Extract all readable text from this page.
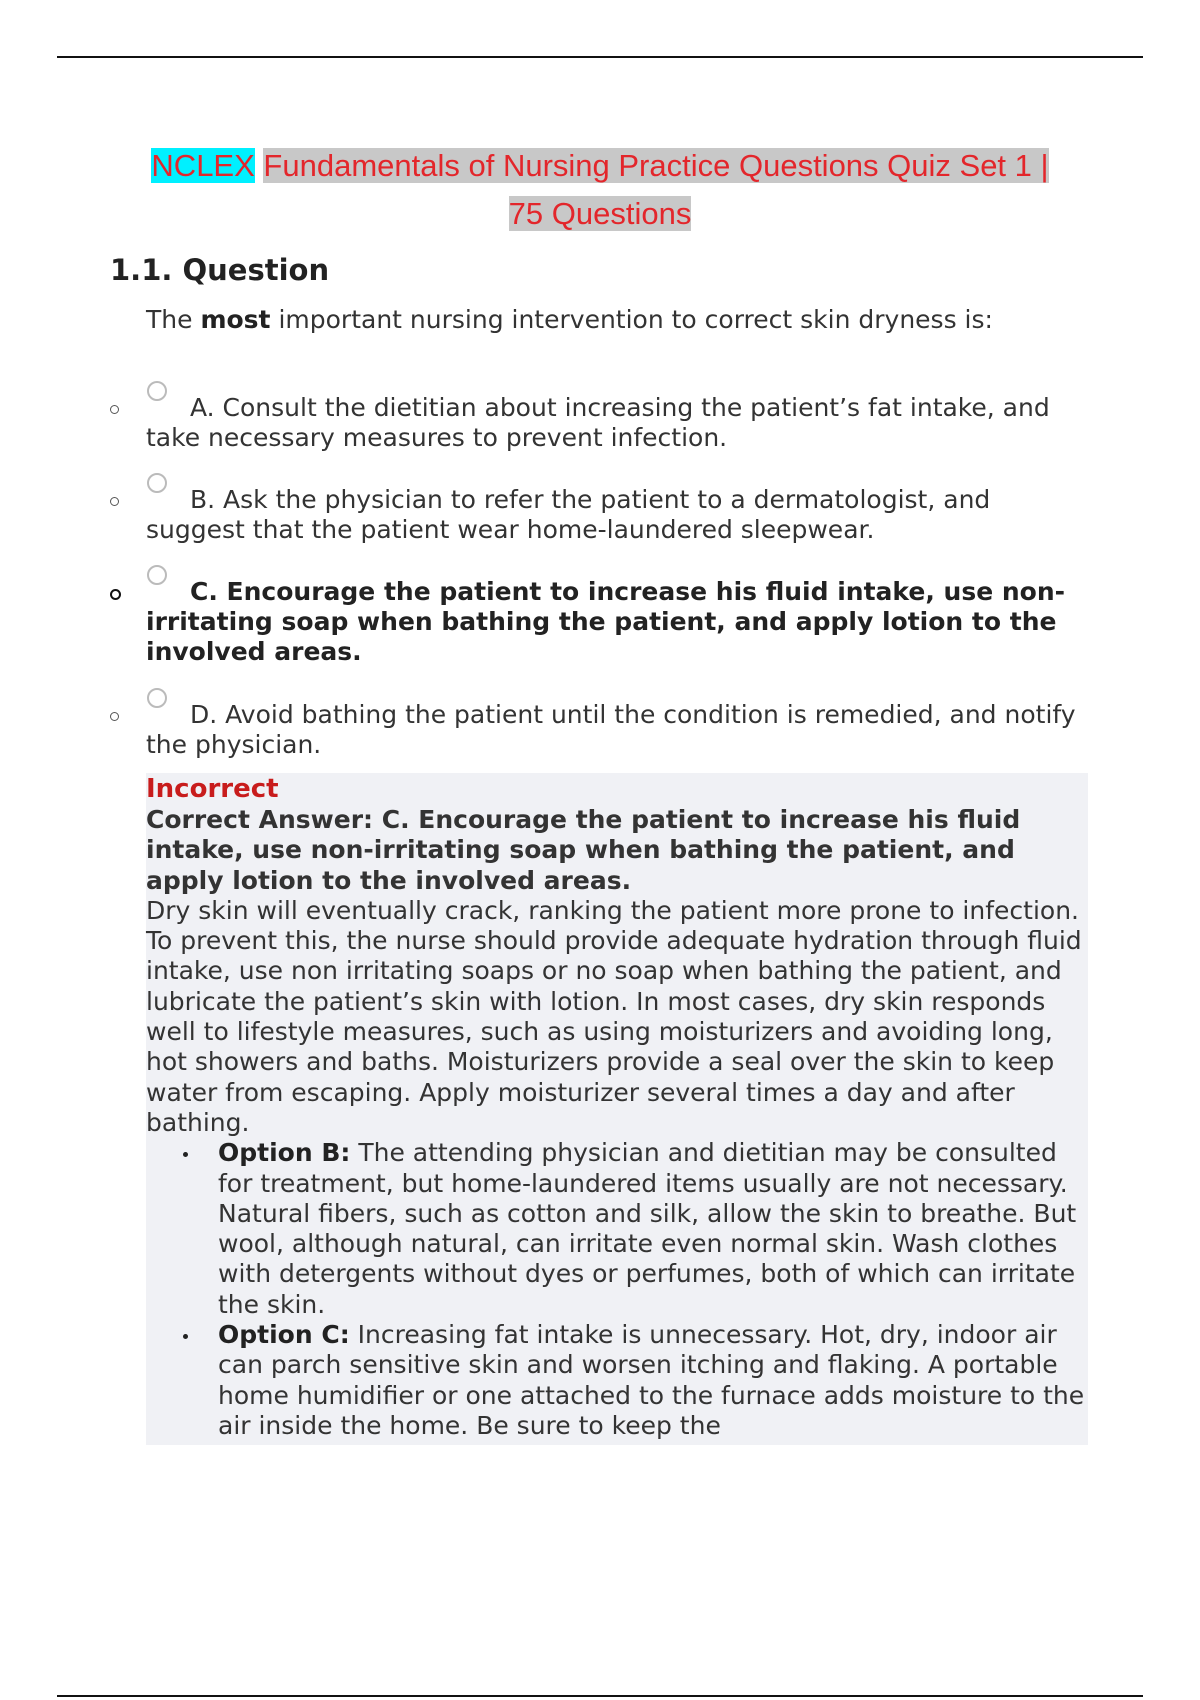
NCLEX Fundamentals of Nursing Practice Questions Quiz Set 1 |
75 Questions
1.1. Question
The most important nursing intervention to correct skin dryness is:
A. Consult the dietitian about increasing the patient’s fat intake, and take necessary measures to prevent infection.
B. Ask the physician to refer the patient to a dermatologist, and suggest that the patient wear home-laundered sleepwear.
C. Encourage the patient to increase his fluid intake, use non-irritating soap when bathing the patient, and apply lotion to the involved areas.
D. Avoid bathing the patient until the condition is remedied, and notify the physician.
Incorrect
Correct Answer: C. Encourage the patient to increase his fluid intake, use non-irritating soap when bathing the patient, and apply lotion to the involved areas.
Dry skin will eventually crack, ranking the patient more prone to infection. To prevent this, the nurse should provide adequate hydration through fluid intake, use non irritating soaps or no soap when bathing the patient, and lubricate the patient’s skin with lotion. In most cases, dry skin responds well to lifestyle measures, such as using moisturizers and avoiding long, hot showers and baths. Moisturizers provide a seal over the skin to keep water from escaping. Apply moisturizer several times a day and after bathing.
Option B: The attending physician and dietitian may be consulted for treatment, but home-laundered items usually are not necessary. Natural fibers, such as cotton and silk, allow the skin to breathe. But wool, although natural, can irritate even normal skin. Wash clothes with detergents without dyes or perfumes, both of which can irritate the skin.
Option C: Increasing fat intake is unnecessary. Hot, dry, indoor air can parch sensitive skin and worsen itching and flaking. A portable home humidifier or one attached to the furnace adds moisture to the air inside the home. Be sure to keep the
